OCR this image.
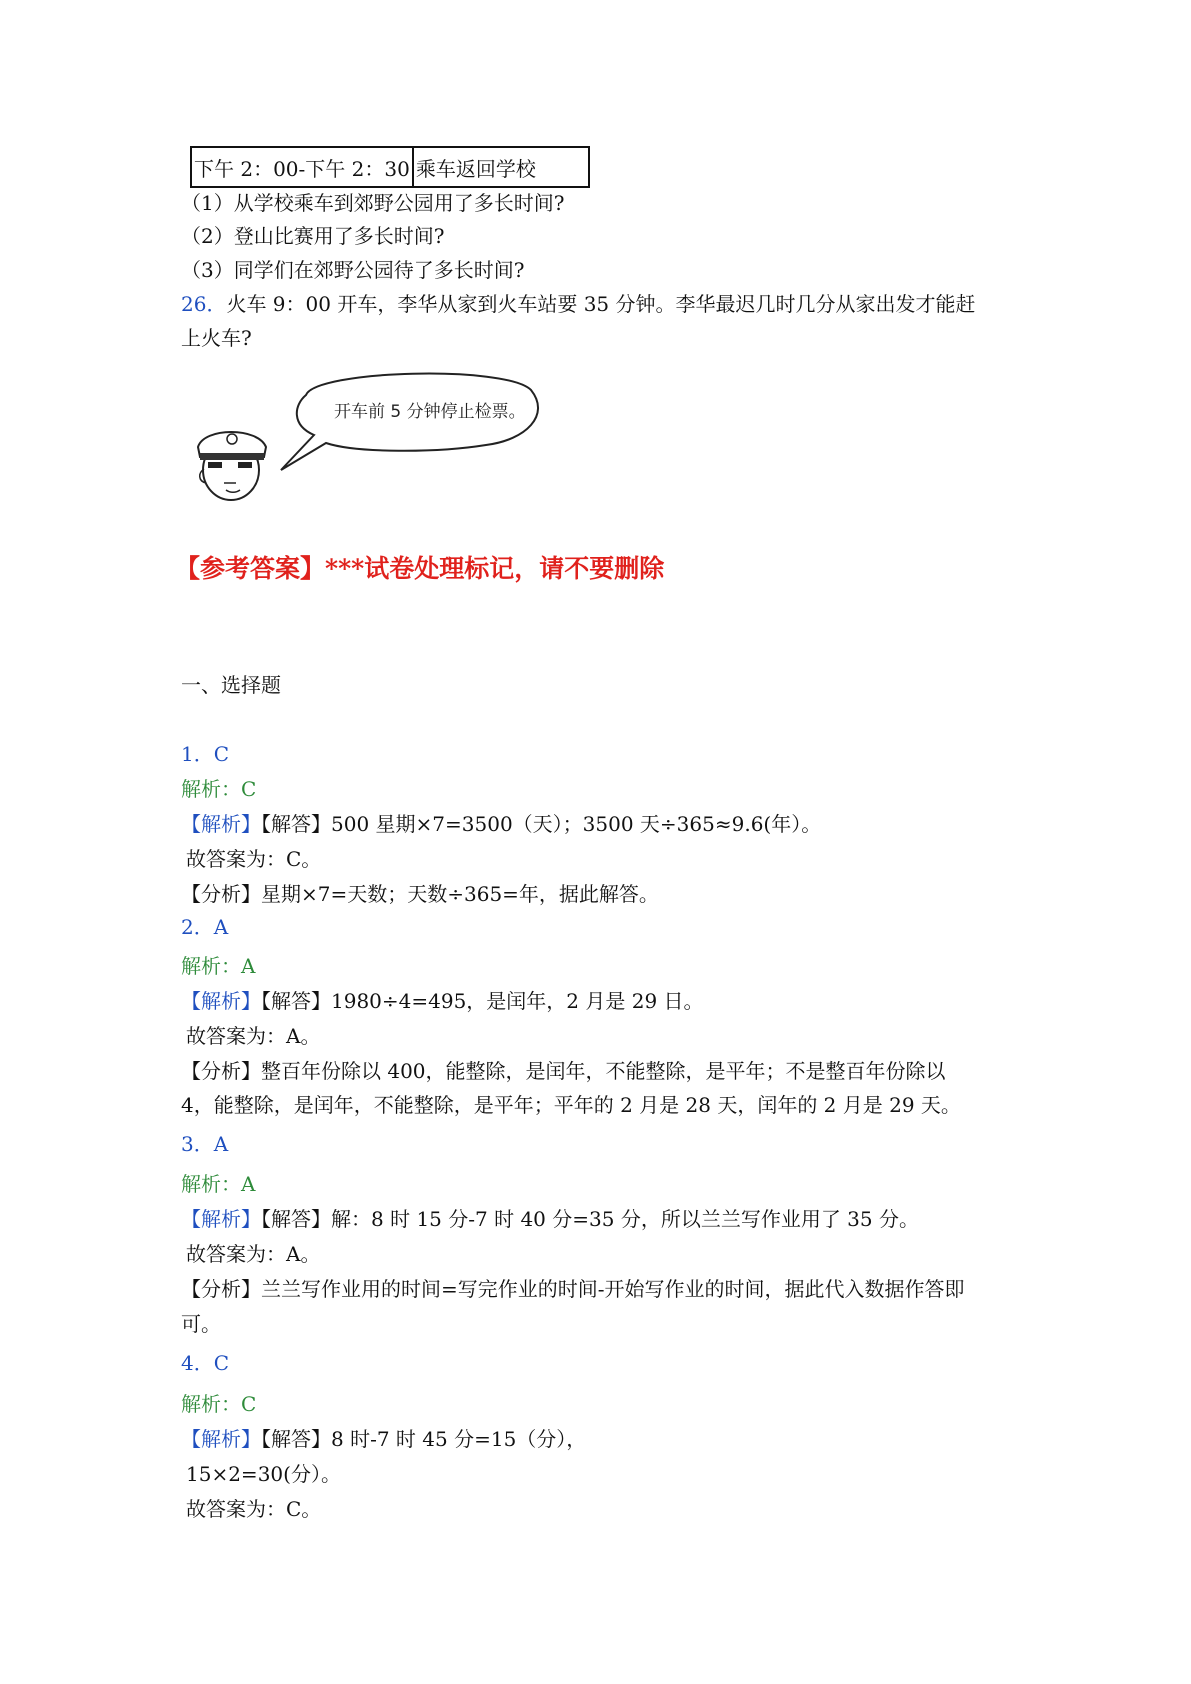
下午 2：00-下午 2：30	乘车返回学校
（1）从学校乘车到郊野公园用了多长时间?
（2）登山比赛用了多长时间?
（3）同学们在郊野公园待了多长时间?
26．火车 9：00 开车，李华从家到火车站要 35 分钟。李华最迟几时几分从家出发才能赶
上火车?
开车前 5 分钟停止检票。
【参考答案】***试卷处理标记，请不要删除
一、选择题
1．C
解析：C
【解析】【解答】500 星期×7=3500（天）；3500 天÷365≈9.6(年）。
故答案为：C。
【分析】星期×7=天数；天数÷365=年，据此解答。
2．A
解析：A
【解析】【解答】1980÷4=495，是闰年，2 月是 29 日。
故答案为：A。
【分析】整百年份除以 400，能整除，是闰年，不能整除，是平年；不是整百年份除以
4，能整除，是闰年，不能整除，是平年；平年的 2 月是 28 天，闰年的 2 月是 29 天。
3．A
解析：A
【解析】【解答】解：8 时 15 分-7 时 40 分=35 分，所以兰兰写作业用了 35 分。
故答案为：A。
【分析】兰兰写作业用的时间=写完作业的时间-开始写作业的时间，据此代入数据作答即
可。
4．C
解析：C
【解析】【解答】8 时-7 时 45 分=15（分），
15×2=30(分）。
故答案为：C。
